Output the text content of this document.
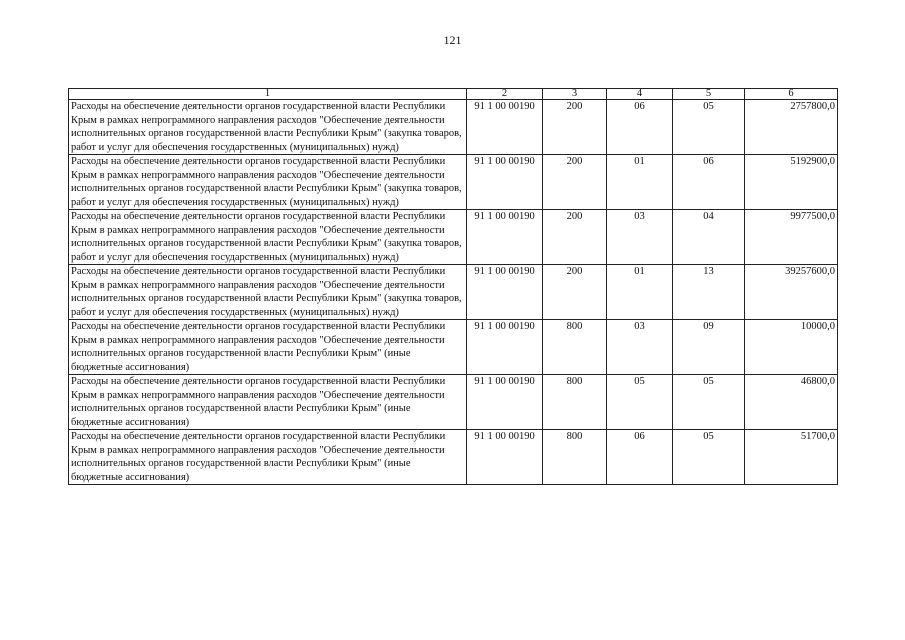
121
1	2	3	4	5	6
Расходы на обеспечение деятельности органов государственной власти Республики Крым в рамках непрограммного направления расходов "Обеспечение деятельности исполнительных органов государственной власти Республики Крым" (закупка товаров, работ и услуг для обеспечения государственных (муниципальных) нужд)	91 1 00 00190	200	06	05	2757800,0
Расходы на обеспечение деятельности органов государственной власти Республики Крым в рамках непрограммного направления расходов "Обеспечение деятельности исполнительных органов государственной власти Республики Крым" (закупка товаров, работ и услуг для обеспечения государственных (муниципальных) нужд)	91 1 00 00190	200	01	06	5192900,0
Расходы на обеспечение деятельности органов государственной власти Республики Крым в рамках непрограммного направления расходов "Обеспечение деятельности исполнительных органов государственной власти Республики Крым" (закупка товаров, работ и услуг для обеспечения государственных (муниципальных) нужд)	91 1 00 00190	200	03	04	9977500,0
Расходы на обеспечение деятельности органов государственной власти Республики Крым в рамках непрограммного направления расходов "Обеспечение деятельности исполнительных органов государственной власти Республики Крым" (закупка товаров, работ и услуг для обеспечения государственных (муниципальных) нужд)	91 1 00 00190	200	01	13	39257600,0
Расходы на обеспечение деятельности органов государственной власти Республики Крым в рамках непрограммного направления расходов "Обеспечение деятельности исполнительных органов государственной власти Республики Крым" (иные бюджетные ассигнования)	91 1 00 00190	800	03	09	10000,0
Расходы на обеспечение деятельности органов государственной власти Республики Крым в рамках непрограммного направления расходов "Обеспечение деятельности исполнительных органов государственной власти Республики Крым" (иные бюджетные ассигнования)	91 1 00 00190	800	05	05	46800,0
Расходы на обеспечение деятельности органов государственной власти Республики Крым в рамках непрограммного направления расходов "Обеспечение деятельности исполнительных органов государственной власти Республики Крым" (иные бюджетные ассигнования)	91 1 00 00190	800	06	05	51700,0
